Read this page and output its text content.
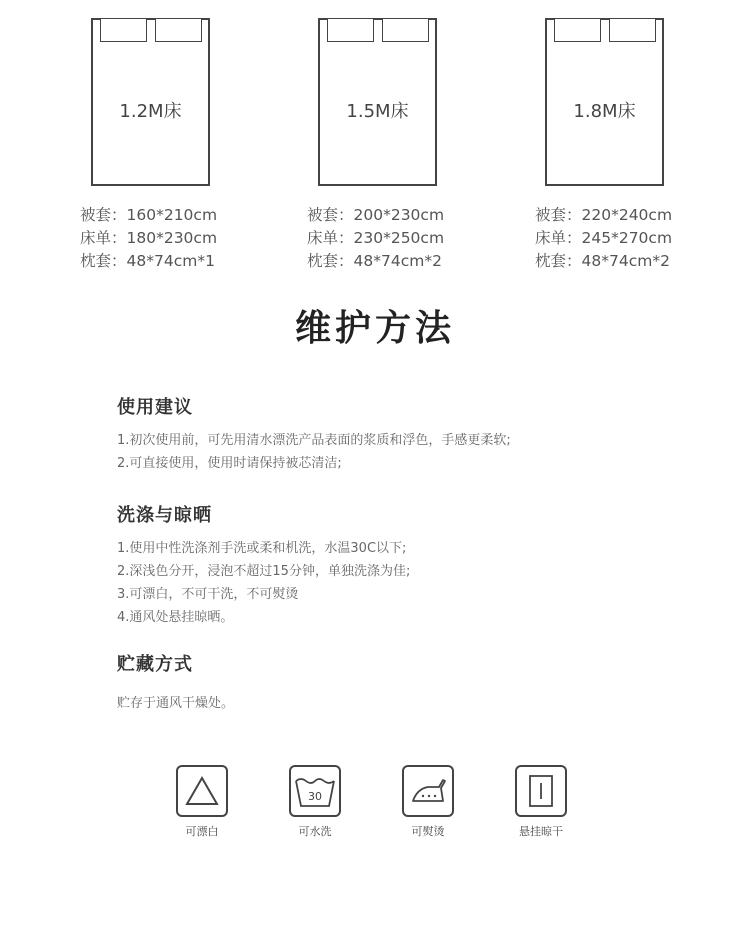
1.2M床	1.5M床	1.8M床
被套：160*210cm
床单：180*230cm
枕套：48*74cm*1
被套：200*230cm
床单：230*250cm
枕套：48*74cm*2
被套：220*240cm
床单：245*270cm
枕套：48*74cm*2
维护方法
使用建议
1.初次使用前，可先用清水漂洗产品表面的浆质和浮色，手感更柔软;
2.可直接使用，使用时请保持被芯清洁;
洗涤与晾晒
1.使用中性洗涤剂手洗或柔和机洗，水温30C以下;
2.深浅色分开，浸泡不超过15分钟，单独洗涤为佳;
3.可漂白，不可干洗，不可熨烫
4.通风处悬挂晾晒。
贮藏方式
贮存于通风干燥处。
可漂白
30
可水洗	可熨烫	悬挂晾干
